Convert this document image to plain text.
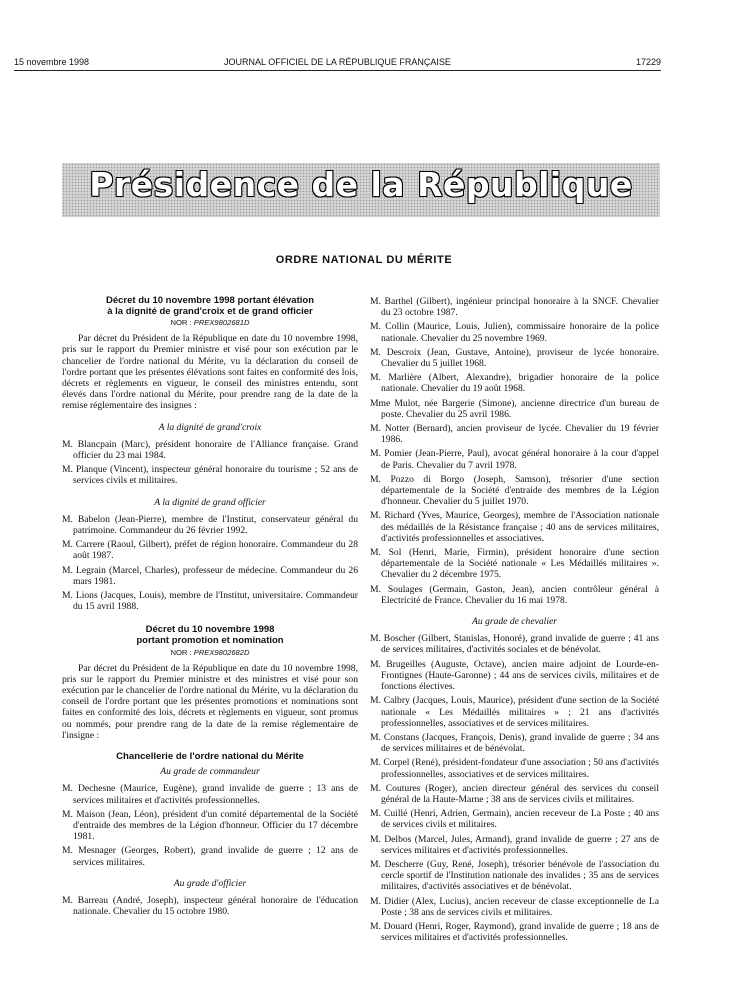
15 novembre 1998	JOURNAL OFFICIEL DE LA RÉPUBLIQUE FRANÇAISE	17229
Présidence de la République
ORDRE NATIONAL DU MÉRITE

Décret du 10 novembre 1998 portant élévation

à la dignité de grand'croix et de grand officier

NOR : PREX9802681D

Par décret du Président de la République en date du 10 novembre 1998, pris sur le rapport du Premier ministre et visé pour son exécution par le chancelier de l'ordre national du Mérite, vu la déclaration du conseil de l'ordre portant que les présentes élévations sont faites en conformité des lois, décrets et règlements en vigueur, le conseil des ministres entendu, sont élevés dans l'ordre national du Mérite, pour prendre rang de la date de la remise réglementaire des insignes :

A la dignité de grand'croix

M. Blancpain (Marc), président honoraire de l'Alliance française. Grand officier du 23 mai 1984.

M. Planque (Vincent), inspecteur général honoraire du tourisme ; 52 ans de services civils et militaires.

A la dignité de grand officier

M. Babelon (Jean-Pierre), membre de l'Institut, conservateur général du patrimoine. Commandeur du 26 février 1992.

M. Carrere (Raoul, Gilbert), préfet de région honoraire. Commandeur du 28 août 1987.

M. Legrain (Marcel, Charles), professeur de médecine. Commandeur du 26 mars 1981.

M. Lions (Jacques, Louis), membre de l'Institut, universitaire. Commandeur du 15 avril 1988.

Décret du 10 novembre 1998

portant promotion et nomination

NOR : PREX9802682D

Par décret du Président de la République en date du 10 novembre 1998, pris sur le rapport du Premier ministre et des ministres et visé pour son exécution par le chancelier de l'ordre national du Mérite, vu la déclaration du conseil de l'ordre portant que les présentes promotions et nominations sont faites en conformité des lois, décrets et règlements en vigueur, sont promus ou nommés, pour prendre rang de la date de la remise réglementaire de l'insigne :

Chancellerie de l'ordre national du Mérite

Au grade de commandeur

M. Dechesne (Maurice, Eugène), grand invalide de guerre ; 13 ans de services militaires et d'activités professionnelles.

M. Maison (Jean, Léon), président d'un comité départemental de la Société d'entraide des membres de la Légion d'honneur. Officier du 17 décembre 1981.

M. Mesnager (Georges, Robert), grand invalide de guerre ; 12 ans de services militaires.

Au grade d'officier

M. Barreau (André, Joseph), inspecteur général honoraire de l'éducation nationale. Chevalier du 15 octobre 1980.

M. Barthel (Gilbert), ingénieur principal honoraire à la SNCF. Chevalier du 23 octobre 1987.

M. Collin (Maurice, Louis, Julien), commissaire honoraire de la police nationale. Chevalier du 25 novembre 1969.

M. Descroix (Jean, Gustave, Antoine), proviseur de lycée honoraire. Chevalier du 5 juillet 1968.

M. Marlière (Albert, Alexandre), brigadier honoraire de la police nationale. Chevalier du 19 août 1968.

Mme Mulot, née Bargerie (Simone), ancienne directrice d'un bureau de poste. Chevalier du 25 avril 1986.

M. Notter (Bernard), ancien proviseur de lycée. Chevalier du 19 février 1986.

M. Pomier (Jean-Pierre, Paul), avocat général honoraire à la cour d'appel de Paris. Chevalier du 7 avril 1978.

M. Pozzo di Borgo (Joseph, Samson), trésorier d'une section départementale de la Société d'entraide des membres de la Légion d'honneur. Chevalier du 5 juillet 1970.

M. Richard (Yves, Maurice, Georges), membre de l'Association nationale des médaillés de la Résistance française ; 40 ans de services militaires, d'activités professionnelles et associatives.

M. Sol (Henri, Marie, Firmin), président honoraire d'une section départementale de la Société nationale « Les Médaillés militaires ». Chevalier du 2 décembre 1975.

M. Soulages (Germain, Gaston, Jean), ancien contrôleur général à Electricité de France. Chevalier du 16 mai 1978.

Au grade de chevalier

M. Boscher (Gilbert, Stanislas, Honoré), grand invalide de guerre ; 41 ans de services militaires, d'activités sociales et de bénévolat.

M. Brugeilles (Auguste, Octave), ancien maire adjoint de Lourde-en-Frontignes (Haute-Garonne) ; 44 ans de services civils, militaires et de fonctions électives.

M. Calbry (Jacques, Louis, Maurice), président d'une section de la Société nationale « Les Médaillés militaires » ; 21 ans d'activités professionnelles, associatives et de services militaires.

M. Constans (Jacques, François, Denis), grand invalide de guerre ; 34 ans de services militaires et de bénévolat.

M. Corpel (René), président-fondateur d'une association ; 50 ans d'activités professionnelles, associatives et de services militaires.

M. Coutures (Roger), ancien directeur général des services du conseil général de la Haute-Marne ; 38 ans de services civils et militaires.

M. Cuillé (Henri, Adrien, Germain), ancien receveur de La Poste ; 40 ans de services civils et militaires.

M. Delbos (Marcel, Jules, Armand), grand invalide de guerre ; 27 ans de services militaires et d'activités professionnelles.

M. Descherre (Guy, René, Joseph), trésorier bénévole de l'association du cercle sportif de l'Institution nationale des invalides ; 35 ans de services militaires, d'activités associatives et de bénévolat.

M. Didier (Alex, Lucius), ancien receveur de classe exceptionnelle de La Poste ; 38 ans de services civils et militaires.

M. Douard (Henri, Roger, Raymond), grand invalide de guerre ; 18 ans de services militaires et d'activités professionnelles.
